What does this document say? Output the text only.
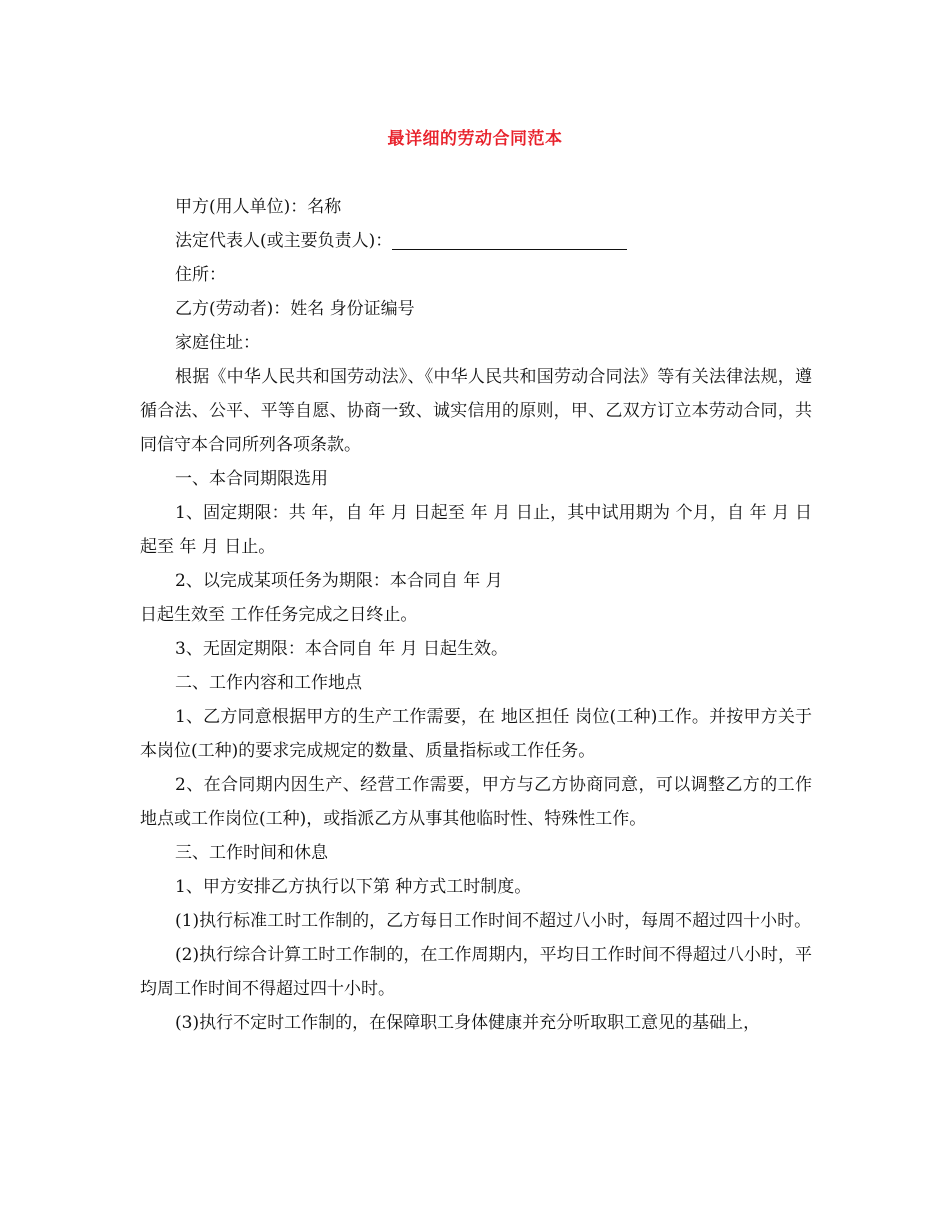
最详细的劳动合同范本

甲方(用人单位)：名称

法定代表人(或主要负责人)：

住所：

乙方(劳动者)：姓名 身份证编号

家庭住址：

根据《中华人民共和国劳动法》、《中华人民共和国劳动合同法》等有关法律法规，遵循合法、公平、平等自愿、协商一致、诚实信用的原则，甲、乙双方订立本劳动合同，共同信守本合同所列各项条款。

一、本合同期限选用

1、固定期限：共 年，自 年 月 日起至 年 月 日止，其中试用期为 个月，自 年 月 日起至 年 月 日止。

2、以完成某项任务为期限：本合同自 年 月

日起生效至 工作任务完成之日终止。

3、无固定期限：本合同自 年 月 日起生效。

二、工作内容和工作地点

1、乙方同意根据甲方的生产工作需要，在 地区担任 岗位(工种)工作。并按甲方关于本岗位(工种)的要求完成规定的数量、质量指标或工作任务。

2、在合同期内因生产、经营工作需要，甲方与乙方协商同意，可以调整乙方的工作地点或工作岗位(工种)，或指派乙方从事其他临时性、特殊性工作。

三、工作时间和休息

1、甲方安排乙方执行以下第 种方式工时制度。

(1)执行标准工时工作制的，乙方每日工作时间不超过八小时，每周不超过四十小时。

(2)执行综合计算工时工作制的，在工作周期内，平均日工作时间不得超过八小时，平均周工作时间不得超过四十小时。

(3)执行不定时工作制的，在保障职工身体健康并充分听取职工意见的基础上，
